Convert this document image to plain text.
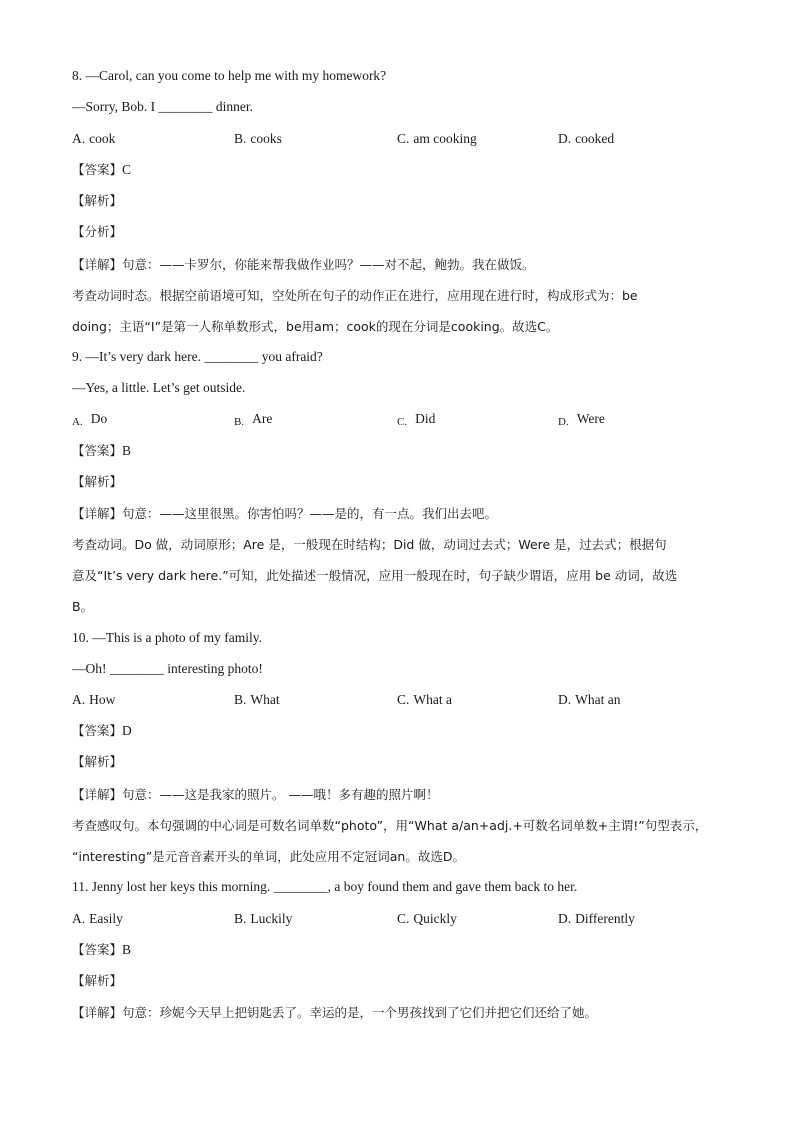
8. —Carol, can you come to help me with my homework?
—Sorry, Bob. I ________ dinner.
A. cook	B. cooks	C. am cooking	D. cooked
【答案】C
【解析】
【分析】
【详解】句意：——卡罗尔，你能来帮我做作业吗？——对不起，鲍勃。我在做饭。
考查动词时态。根据空前语境可知，空处所在句子的动作正在进行，应用现在进行时，构成形式为：be
doing；主语“I”是第一人称单数形式，be用am；cook的现在分词是cooking。故选C。
9. —It’s very dark here. ________ you afraid?
—Yes, a little. Let’s get outside.
A. Do	B. Are	C. Did	D. Were
【答案】B
【解析】
【详解】句意：——这里很黑。你害怕吗？——是的，有一点。我们出去吧。
考查动词。Do 做，动词原形；Are 是，一般现在时结构；Did 做，动词过去式；Were 是，过去式；根据句
意及“It’s very dark here.”可知，此处描述一般情况，应用一般现在时，句子缺少谓语，应用 be 动词，故选
B。
10. —This is a photo of my family.
—Oh! ________ interesting photo!
A. How	B. What	C. What a	D. What an
【答案】D
【解析】
【详解】句意：——这是我家的照片。 ——哦！多有趣的照片啊！
考查感叹句。本句强调的中心词是可数名词单数“photo”，用“What a/an+adj.+可数名词单数+主谓!”句型表示，
“interesting”是元音音素开头的单词，此处应用不定冠词an。故选D。
11. Jenny lost her keys this morning. ________, a boy found them and gave them back to her.
A. Easily	B. Luckily	C. Quickly	D. Differently
【答案】B
【解析】
【详解】句意：珍妮今天早上把钥匙丢了。幸运的是，一个男孩找到了它们并把它们还给了她。
